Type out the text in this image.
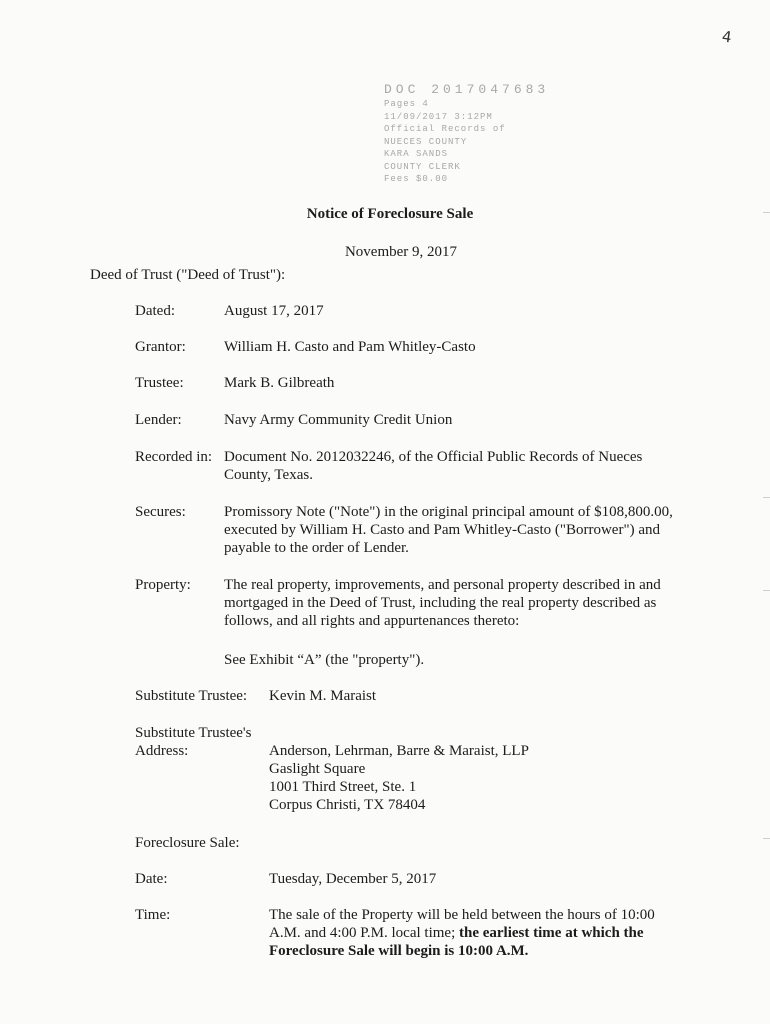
4
DOC 2017047683
Pages 4
11/09/2017 3:12PM
Official Records of
NUECES COUNTY
KARA SANDS
COUNTY CLERK
Fees $0.00
Notice of Foreclosure Sale
November 9, 2017
Deed of Trust ("Deed of Trust"):
Dated:	August 17, 2017
Grantor:	William H. Casto and Pam Whitley-Casto
Trustee:	Mark B. Gilbreath
Lender:	Navy Army Community Credit Union
Recorded in: Document No. 2012032246, of the Official Public Records of Nueces County, Texas.
Secures:	Promissory Note ("Note") in the original principal amount of $108,800.00, executed by William H. Casto and Pam Whitley-Casto ("Borrower") and payable to the order of Lender.
Property: The real property, improvements, and personal property described in and mortgaged in the Deed of Trust, including the real property described as follows, and all rights and appurtenances thereto:
See Exhibit “A” (the "property").
Substitute Trustee: Kevin M. Maraist
Substitute Trustee's
Address:	Anderson, Lehrman, Barre & Maraist, LLP
Gaslight Square
1001 Third Street, Ste. 1
Corpus Christi, TX 78404
Foreclosure Sale:
Date:	Tuesday, December 5, 2017
Time:	The sale of the Property will be held between the hours of 10:00 A.M. and 4:00 P.M. local time; the earliest time at which the Foreclosure Sale will begin is 10:00 A.M.
